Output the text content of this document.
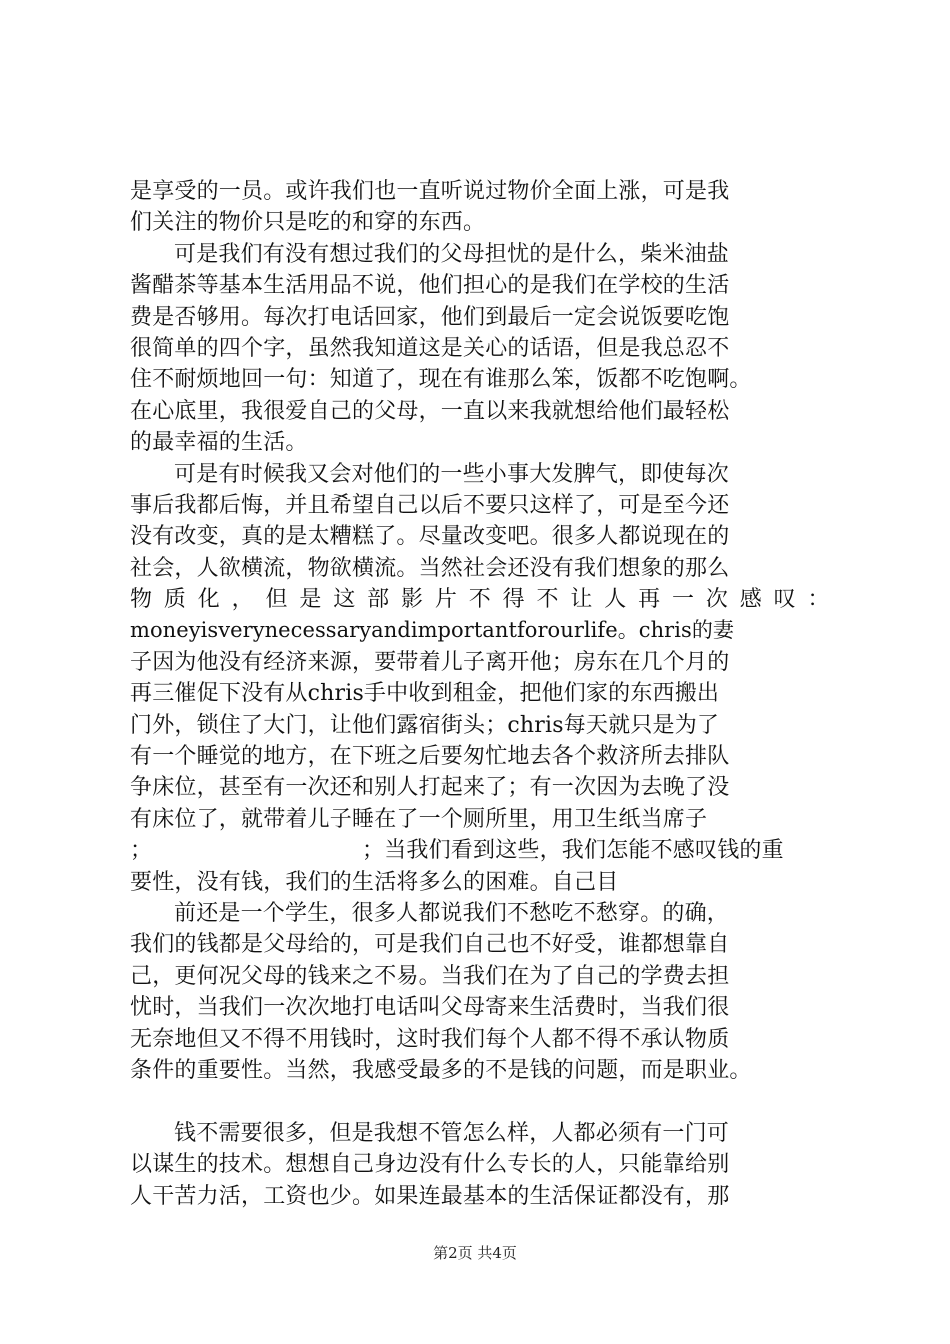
是享受的一员。或许我们也一直听说过物价全面上涨，可是我
们关注的物价只是吃的和穿的东西。
可是我们有没有想过我们的父母担忧的是什么，柴米油盐
酱醋茶等基本生活用品不说，他们担心的是我们在学校的生活
费是否够用。每次打电话回家，他们到最后一定会说饭要吃饱
很简单的四个字，虽然我知道这是关心的话语，但是我总忍不
住不耐烦地回一句：知道了，现在有谁那么笨，饭都不吃饱啊。
在心底里，我很爱自己的父母，一直以来我就想给他们最轻松
的最幸福的生活。
可是有时候我又会对他们的一些小事大发脾气，即使每次
事后我都后悔，并且希望自己以后不要只这样了，可是至今还
没有改变，真的是太糟糕了。尽量改变吧。很多人都说现在的
社会，人欲横流，物欲横流。当然社会还没有我们想象的那么
物 质 化 ， 但 是 这 部 影 片 不 得 不 让 人 再 一 次 感 叹 ：
moneyisverynecessaryandimportantforourlife。chris的妻
子因为他没有经济来源，要带着儿子离开他；房东在几个月的
再三催促下没有从chris手中收到租金，把他们家的东西搬出
门外，锁住了大门，让他们露宿街头；chris每天就只是为了
有一个睡觉的地方，在下班之后要匆忙地去各个救济所去排队
争床位，甚至有一次还和别人打起来了；有一次因为去晚了没
有床位了，就带着儿子睡在了一个厕所里，用卫生纸当席子
；	；当我们看到这些，我们怎能不感叹钱的重
要性，没有钱，我们的生活将多么的困难。自己目
前还是一个学生，很多人都说我们不愁吃不愁穿。的确，
我们的钱都是父母给的，可是我们自己也不好受，谁都想靠自
己，更何况父母的钱来之不易。当我们在为了自己的学费去担
忧时，当我们一次次地打电话叫父母寄来生活费时，当我们很
无奈地但又不得不用钱时，这时我们每个人都不得不承认物质
条件的重要性。当然，我感受最多的不是钱的问题，而是职业。
钱不需要很多，但是我想不管怎么样，人都必须有一门可
以谋生的技术。想想自己身边没有什么专长的人，只能靠给别
人干苦力活，工资也少。如果连最基本的生活保证都没有，那
第2页 共4页
